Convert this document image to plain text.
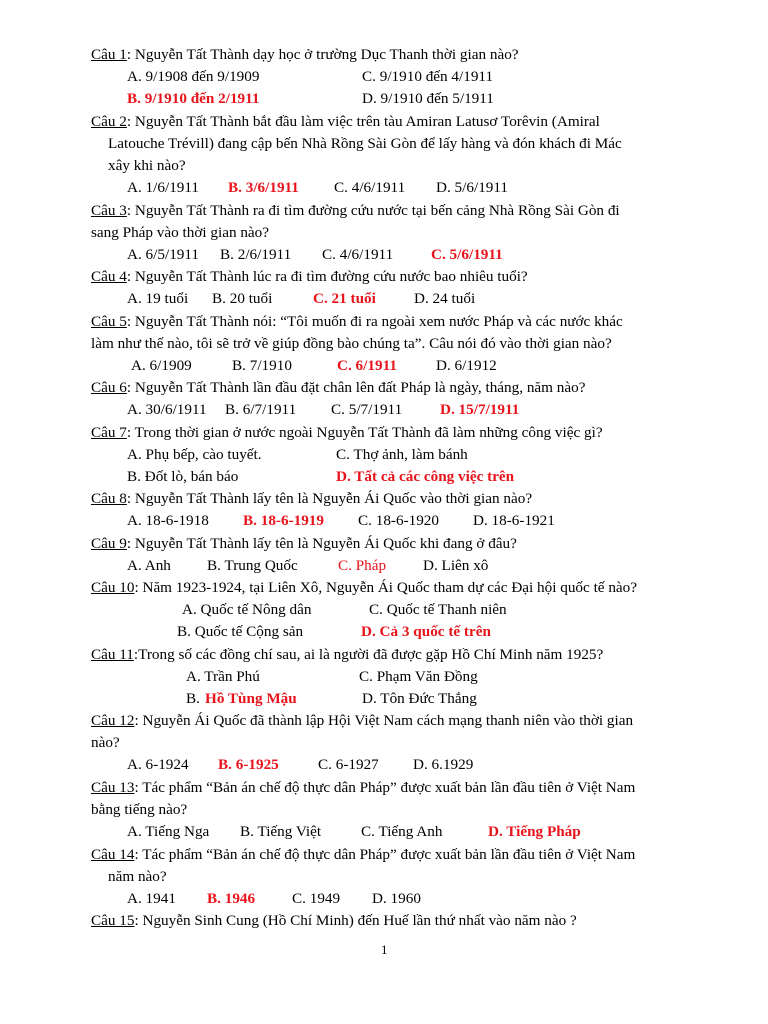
Câu 1: Nguyễn Tất Thành dạy học ở trường Dục Thanh thời gian nào?
A. 9/1908 đến 9/1909	C. 9/1910 đến 4/1911
B. 9/1910 đến 2/1911	D. 9/1910 đến 5/1911
Câu 2: Nguyễn Tất Thành bắt đầu làm việc trên tàu Amiran Latusơ Torêvin (Amiral
Latouche Trévill) đang cập bến Nhà Rồng Sài Gòn để lấy hàng và đón khách đi Mác
xây khi nào?
A. 1/6/1911 B. 3/6/1911 C. 4/6/1911 D. 5/6/1911
Câu 3: Nguyễn Tất Thành ra đi tìm đường cứu nước tại bến cảng Nhà Rồng Sài Gòn đi
sang Pháp vào thời gian nào?
A. 6/5/1911 B. 2/6/1911 C. 4/6/1911 C. 5/6/1911
Câu 4: Nguyễn Tất Thành lúc ra đi tìm đường cứu nước bao nhiêu tuổi?
A. 19 tuổi B. 20 tuổi	C. 21 tuổi	D. 24 tuổi
Câu 5: Nguyễn Tất Thành nói: “Tôi muốn đi ra ngoài xem nước Pháp và các nước khác
làm như thế nào, tôi sẽ trở về giúp đồng bào chúng ta”. Câu nói đó vào thời gian nào?
A. 6/1909	B. 7/1910	C. 6/1911	D. 6/1912
Câu 6: Nguyễn Tất Thành lần đầu đặt chân lên đất Pháp là ngày, tháng, năm nào?
A. 30/6/1911 B. 6/7/1911 C. 5/7/1911 D. 15/7/1911
Câu 7: Trong thời gian ở nước ngoài Nguyễn Tất Thành đã làm những công việc gì?
A. Phụ bếp, cào tuyết.	C. Thợ ảnh, làm bánh
B. Đốt lò, bán báo	D. Tất cả các công việc trên
Câu 8: Nguyễn Tất Thành lấy tên là Nguyễn Ái Quốc vào thời gian nào?
A. 18-6-1918 B. 18-6-1919 C. 18-6-1920 D. 18-6-1921
Câu 9: Nguyễn Tất Thành lấy tên là Nguyễn Ái Quốc khi đang ở đâu?
A. Anh B. Trung Quốc	C. Pháp D. Liên xô
Câu 10: Năm 1923-1924, tại Liên Xô, Nguyễn Ái Quốc tham dự các Đại hội quốc tế nào?
A. Quốc tế Nông dân	C. Quốc tế Thanh niên
B. Quốc tế Cộng sản	D. Cả 3 quốc tế trên
Câu 11:Trong số các đồng chí sau, ai là người đã được gặp Hồ Chí Minh năm 1925?
A. Trần Phú	C. Phạm Văn Đồng
B. Hồ Tùng Mậu	D. Tôn Đức Thắng
Câu 12: Nguyễn Ái Quốc đã thành lập Hội Việt Nam cách mạng thanh niên vào thời gian
nào?
A. 6-1924 B. 6-1925	C. 6-1927 D. 6.1929
Câu 13: Tác phẩm “Bản án chế độ thực dân Pháp” được xuất bản lần đầu tiên ở Việt Nam
bằng tiếng nào?
A. Tiếng Nga B. Tiếng Việt	C. Tiếng Anh	D. Tiếng Pháp
Câu 14: Tác phẩm “Bản án chế độ thực dân Pháp” được xuất bản lần đầu tiên ở Việt Nam
năm nào?
A. 1941 B. 1946 C. 1949 D. 1960
Câu 15: Nguyễn Sinh Cung (Hồ Chí Minh) đến Huế lần thứ nhất vào năm nào ?
1
